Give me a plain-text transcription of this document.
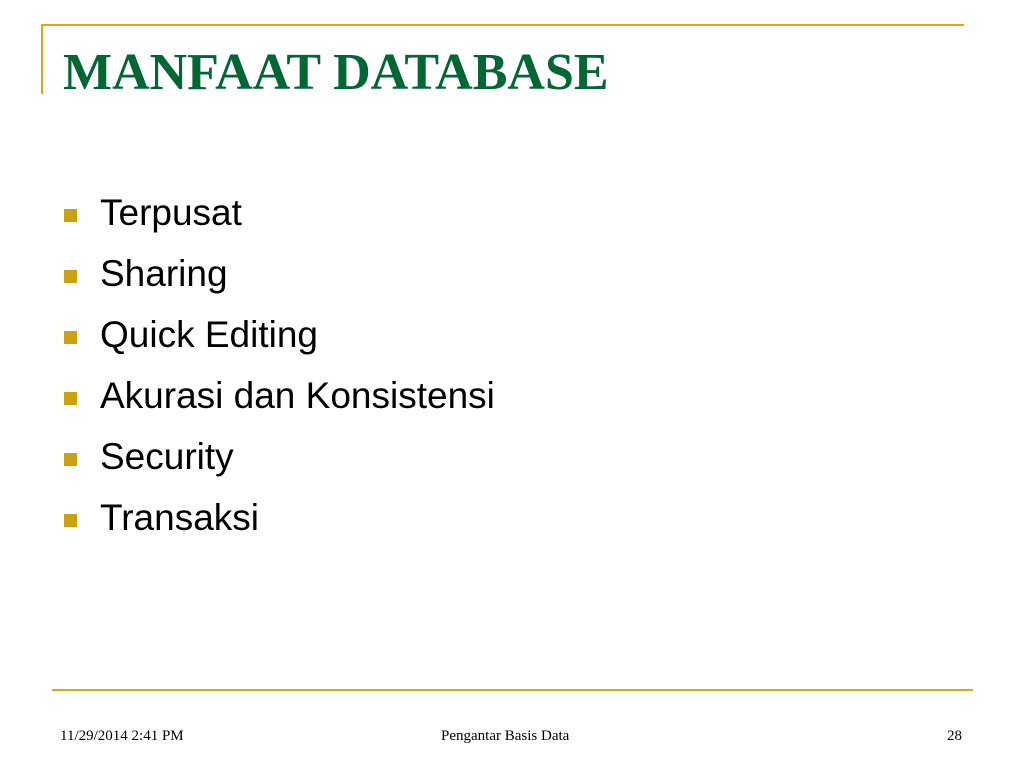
MANFAAT DATABASE
Terpusat
Sharing
Quick Editing
Akurasi dan Konsistensi
Security
Transaksi
11/29/2014 2:41 PM	Pengantar Basis Data	28
